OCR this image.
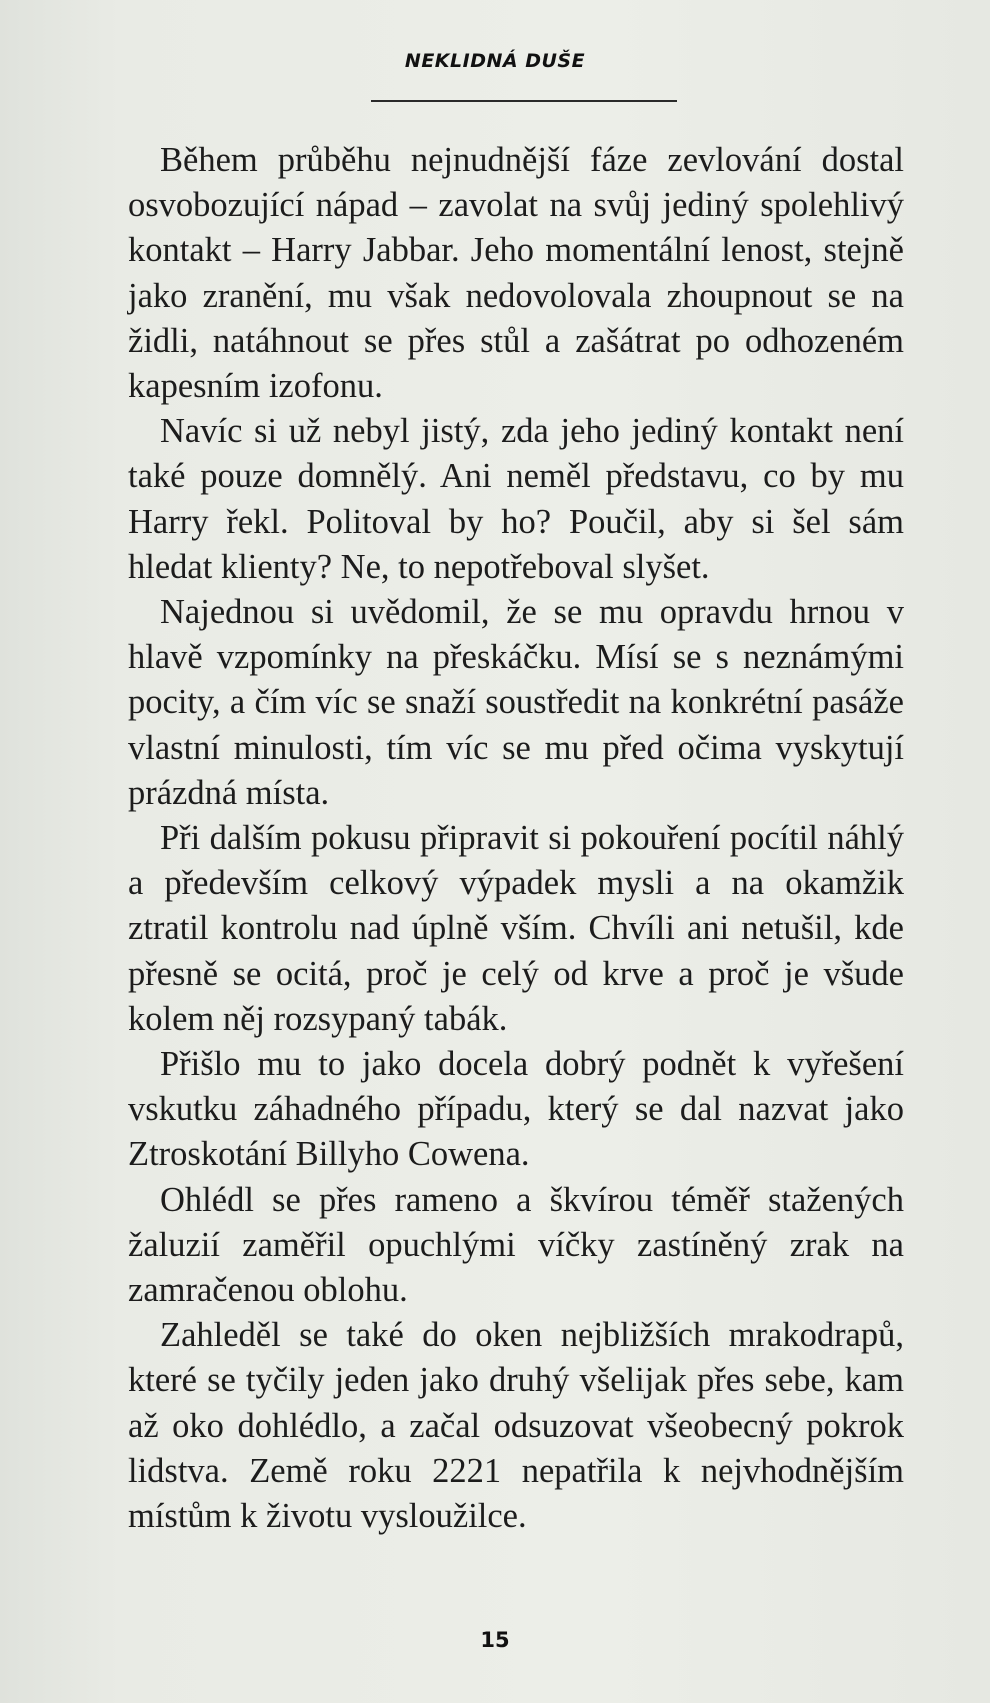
NEKLIDNÁ DUŠE

Během průběhu nejnudnější fáze zevlování dostal osvobozující nápad – zavolat na svůj jediný spolehlivý kontakt – Harry Jabbar. Jeho momentální lenost, stejně jako zranění, mu však nedovolovala zhoupnout se na židli, natáhnout se přes stůl a zašátrat po odhozeném kapesním izofonu.

Navíc si už nebyl jistý, zda jeho jediný kontakt není také pouze domnělý. Ani neměl představu, co by mu Harry řekl. Politoval by ho? Poučil, aby si šel sám hledat klienty? Ne, to nepotřeboval slyšet.

Najednou si uvědomil, že se mu opravdu hrnou v hlavě vzpomínky na přeskáčku. Mísí se s neznámými pocity, a čím víc se snaží soustředit na konkrétní pasáže vlastní minulosti, tím víc se mu před očima vyskytují prázdná místa.

Při dalším pokusu připravit si pokouření pocítil náhlý a především celkový výpadek mysli a na okamžik ztratil kontrolu nad úplně vším. Chvíli ani netušil, kde přesně se ocitá, proč je celý od krve a proč je všude kolem něj rozsypaný tabák.

Přišlo mu to jako docela dobrý podnět k vyřešení vskutku záhadného případu, který se dal nazvat jako Ztroskotání Billyho Cowena.

Ohlédl se přes rameno a škvírou téměř stažených žaluzií zaměřil opuchlými víčky zastíněný zrak na zamračenou oblohu.

Zahleděl se také do oken nejbližších mrakodrapů, které se tyčily jeden jako druhý všelijak přes sebe, kam až oko dohlédlo, a začal odsuzovat všeobecný pokrok lidstva. Země roku 2221 nepatřila k nejvhodnějším místům k životu vysloužilce.

15
